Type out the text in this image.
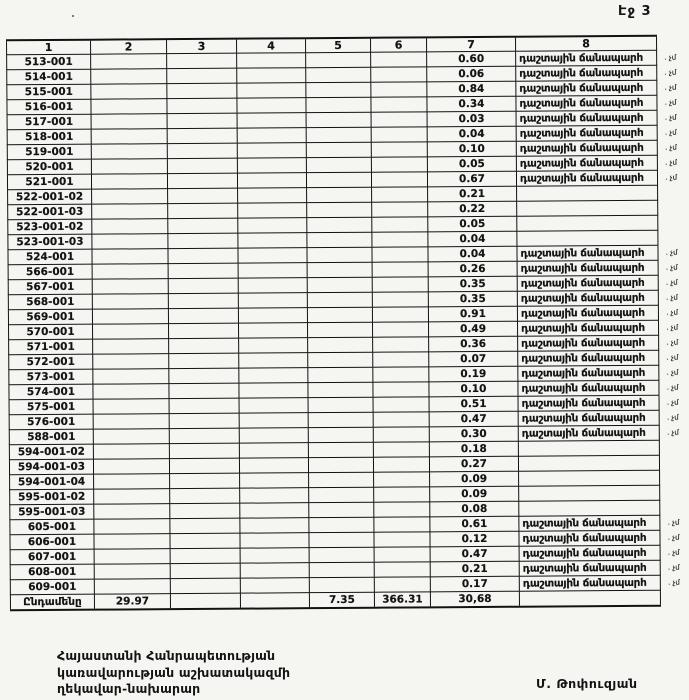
Էջ 3
1	2	3	4	5	6	7	8
513-001						0.60	դաշտային ճանապարհ . չմ

514-001						0.06	դաշտային ճանապարհ . չմ

515-001						0.84	դաշտային ճանապարհ . չմ

516-001						0.34	դաշտային ճանապարհ . չմ

517-001						0.03	դաշտային ճանապարհ . չմ

518-001						0.04	դաշտային ճանապարհ . չմ

519-001						0.10	դաշտային ճանապարհ . չմ

520-001						0.05	դաշտային ճանապարհ . չմ

521-001						0.67	դաշտային ճանապարհ . չմ

522-001-02						0.21	
522-001-03						0.22	
523-001-02						0.05	
523-001-03						0.04	
524-001						0.04	դաշտային ճանապարհ . չմ

566-001						0.26	դաշտային ճանապարհ . չմ

567-001						0.35	դաշտային ճանապարհ . չմ

568-001						0.35	դաշտային ճանապարհ . չմ

569-001						0.91	դաշտային ճանապարհ . չմ

570-001						0.49	դաշտային ճանապարհ . չմ

571-001						0.36	դաշտային ճանապարհ . չմ

572-001						0.07	դաշտային ճանապարհ . չմ

573-001						0.19	դաշտային ճանապարհ . չմ

574-001						0.10	դաշտային ճանապարհ . չմ

575-001						0.51	դաշտային ճանապարհ . չմ

576-001						0.47	դաշտային ճանապարհ . չմ

588-001						0.30	դաշտային ճանապարհ . չմ

594-001-02						0.18	
594-001-03						0.27	
594-001-04						0.09	
595-001-02						0.09	
595-001-03						0.08	
605-001						0.61	դաշտային ճանապարհ . չմ

606-001						0.12	դաշտային ճանապարհ . չմ

607-001						0.47	դաշտային ճանապարհ . չմ

608-001						0.21	դաշտային ճանապարհ . չմ

609-001						0.17	դաշտային ճանապարհ . չմ

Ընդամենը	29.97			7.35	366.31	30,68	
Հայաստանի Հանրապետության
կառավարության աշխատակազմի
ղեկավար-նախարար	Մ. Թոփուզյան
